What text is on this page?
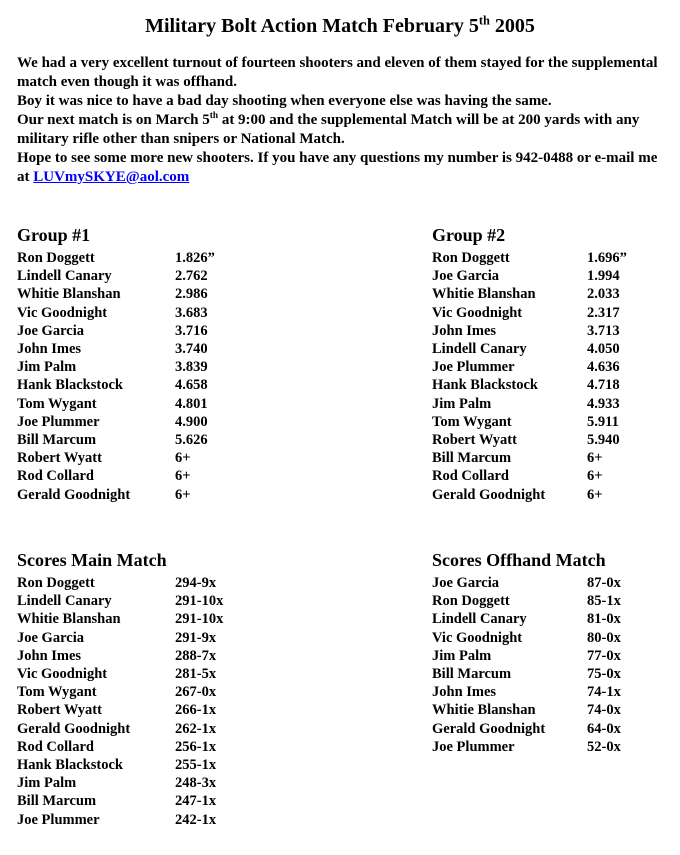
Military Bolt Action Match February 5th 2005

We had a very excellent turnout of fourteen shooters and eleven of them stayed for the supplemental match even though it was offhand.

Boy it was nice to have a bad day shooting when everyone else was having the same.

Our next match is on March 5th at 9:00 and the supplemental Match will be at 200 yards with any military rifle other than snipers or National Match.

Hope to see some more new shooters. If you have any questions my number is 942-0488 or e-mail me at LUVmySKYE@aol.com

Group #1
Ron Doggett	1.826”
Lindell Canary	2.762
Whitie Blanshan	2.986
Vic Goodnight	3.683
Joe Garcia	3.716
John Imes	3.740
Jim Palm	3.839
Hank Blackstock	4.658
Tom Wygant	4.801
Joe Plummer	4.900
Bill Marcum	5.626
Robert Wyatt	6+
Rod Collard	6+
Gerald Goodnight	6+
Group #2
Ron Doggett	1.696”
Joe Garcia	1.994
Whitie Blanshan	2.033
Vic Goodnight	2.317
John Imes	3.713
Lindell Canary	4.050
Joe Plummer	4.636
Hank Blackstock	4.718
Jim Palm	4.933
Tom Wygant	5.911
Robert Wyatt	5.940
Bill Marcum	6+
Rod Collard	6+
Gerald Goodnight	6+
Scores Main Match
Ron Doggett	294-9x
Lindell Canary	291-10x
Whitie Blanshan	291-10x
Joe Garcia	291-9x
John Imes	288-7x
Vic Goodnight	281-5x
Tom Wygant	267-0x
Robert Wyatt	266-1x
Gerald Goodnight	262-1x
Rod Collard	256-1x
Hank Blackstock	255-1x
Jim Palm	248-3x
Bill Marcum	247-1x
Joe Plummer	242-1x
Scores Offhand Match
Joe Garcia	87-0x
Ron Doggett	85-1x
Lindell Canary	81-0x
Vic Goodnight	80-0x
Jim Palm	77-0x
Bill Marcum	75-0x
John Imes	74-1x
Whitie Blanshan	74-0x
Gerald Goodnight	64-0x
Joe Plummer	52-0x
